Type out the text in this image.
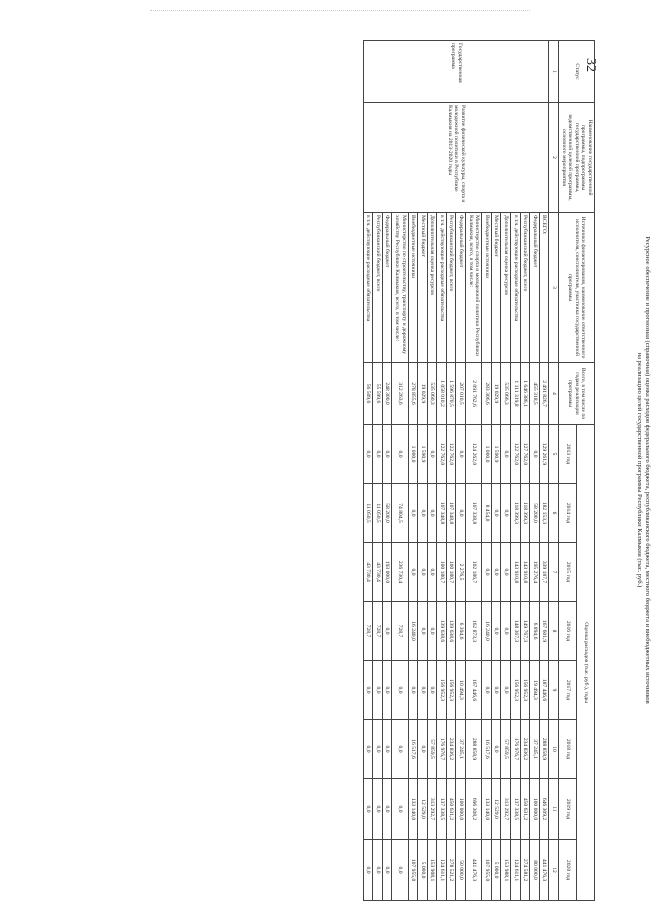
32
Ресурсное обеспечение и прогнозная (справочная) оценка расходов федерального бюджета, республиканского бюджета, местного бюджета и внебюджетных источников
на реализацию целей государственной программы Республики Калмыкия (тыс. руб.)
Статус	Наименование государственной программы, подпрограммы государственной программы, ведомственной целевой программы, основного мероприятия	Источники финансирования, наименование ответственного исполнителя, соисполнителя, участника государственной программы	Всего, в том числе по годам реализации программы	Оценка расходов (тыс. руб.), годы							
				2013 год	2014 год	2015 год	2016 год	2017 год	2018 год	2019 год	2020 год
1	2	3	4	5	6	7	8	9	10	11	12
Государственная программа	Развитие физической культуры, спорта и молодежной политики в Республике Калмыкия на 2013-2020 годы	ВСЕГО:	2 491 826,7	129 261,9	182 153,3	339 187,7	167 601,9	187 446,6	288 858,9	646 309,2	441 476,3
		Федеральный бюджет	455 318,5	0,0	58 200,0	195 276,4	6 894,6	19 494,3	37 245,1	100 000,0	80 000,0
		Республиканский бюджет, всего	1 646 386,1	127 762,0	118 399,3	143 910,8	149 767,3	156 952,3	234 836,2	450 631,2	274 581,2
		в т.ч. действующие расходные обязательства	1 111 319,8	122 762,0	118 399,3	143 910,8	148 367,3	156 952,3	176 976,7	137 338,5	124 611,1
		Дополнительная оценка ресурсов	535 066,3	0,0	0,0	0,0	0,0	0,0	57 859,5	313 292,7	153 988,1
		Местный бюджет	19 029,9	1 590,9	0,0	0,0	0,0	0,0	0,0	12 529,0	5 000,0
		Внебюджетные источники	283 306,6	1 000,0	8 454,0	0,0	16 240,0	0,0	16 517,6	133 140,0	107 955,0
		Министерство спорта и молодежной политики Республики Калмыкия, всего, в том числе:	2 091 762,6	124 262,0	107 338,8	102 186,7	162 873,3	167 446,6	288 858,9	696 308,2	441 476,3
		Федеральный бюджет	207 010,5	0,0	0,0	2 276,5	6 394,6	10 494,3	37 245,1	100 000,0	50 000,0
		Республиканский бюджет, всего	1 596 870,5	122 762,0	107 348,8	100 180,7	139 638,6	156 952,3	234 836,2	450 631,2	278 521,2
		в т.ч. действующие расходные обязательства	1 058 010,2	122 762,0	107 348,8	100 180,7	139 638,6	156 952,3	176 976,7	137 338,5	124 611,1
		Дополнительная оценка ресурсов	535 060,3	0,0	0,0	0,0	0,0	0,0	57 859,5	313 292,7	153 908,1
		Местный бюджет	19 029,9	1 590,9	0,0	0,0	0,0	0,0	0,0	12 529,0	5 000,0
		Внебюджетные источники	278 855,6	1 000,0	0,0	0,0	16 240,0	0,0	16 517,6	133 140,0	107 955,0
		Министерство по строительству, транспорту и дорожному хозяйству Республики Калмыкия, всего, в том числе:	312 263,6	0,0	74 804,5	236 730,4	728,7	0,0	0,0	0,0	0,0
		Федеральный бюджет	248 300,0	0,0	58 200,0	193 000,0	0,0	0,0	0,0	0,0	0,0
		Республиканский бюджет, всего	55 599,6	0,0	11 050,5	43 730,4	728,7	0,0	0,0	0,0	0,0
		в т.ч. действующие расходные обязательства	56 509,6	0,0	11 050,5	43 730,4	728,7	0,0	0,0	0,0	0,0
